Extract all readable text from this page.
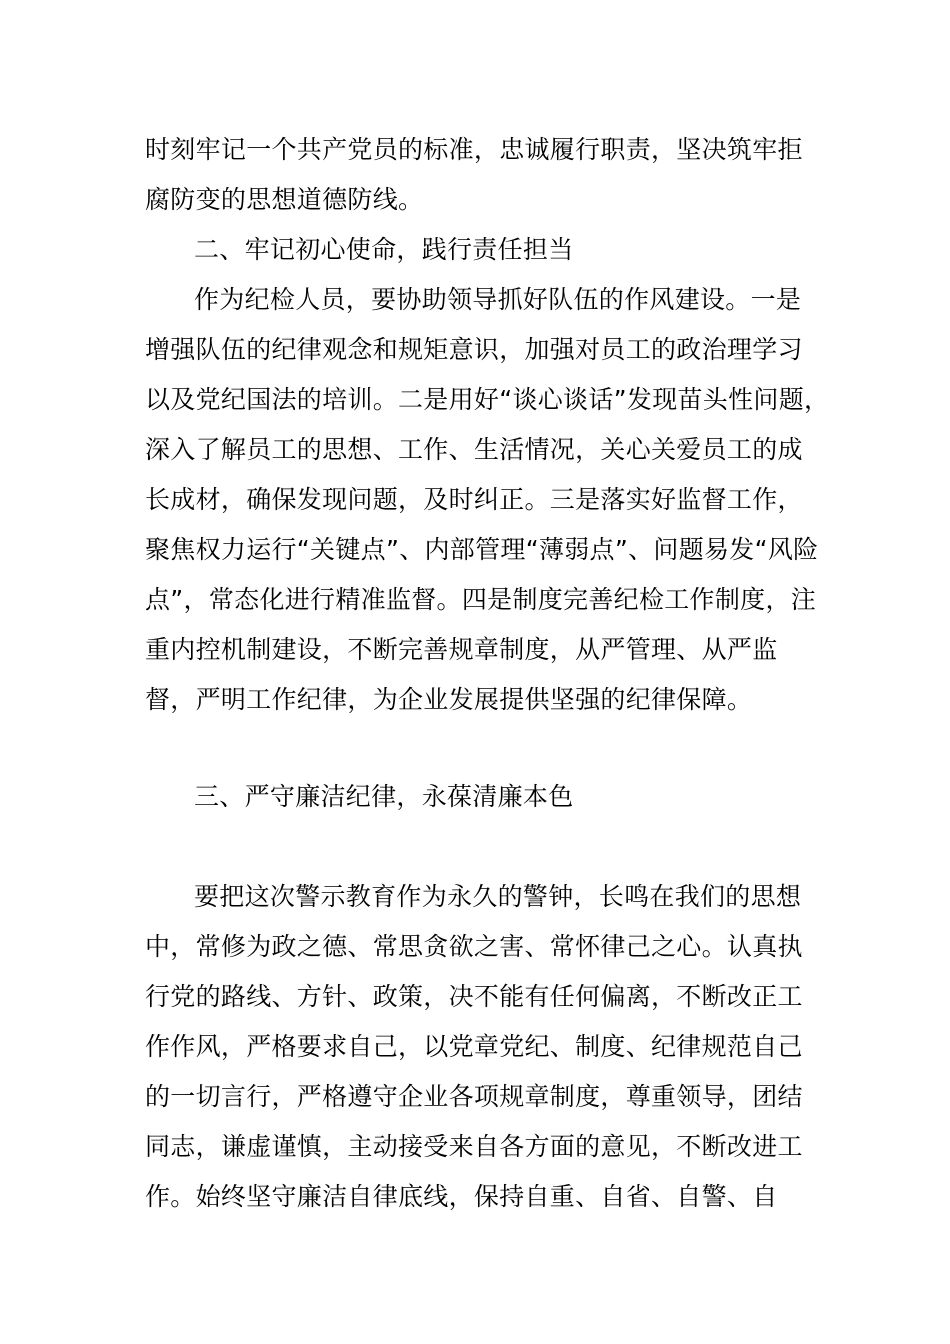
时刻牢记一个共产党员的标准，忠诚履行职责，坚决筑牢拒
腐防变的思想道德防线。
二、牢记初心使命，践行责任担当
作为纪检人员，要协助领导抓好队伍的作风建设。一是
增强队伍的纪律观念和规矩意识，加强对员工的政治理学习
以及党纪国法的培训。二是用好“谈心谈话”发现苗头性问题，
深入了解员工的思想、工作、生活情况，关心关爱员工的成
长成材，确保发现问题，及时纠正。三是落实好监督工作，
聚焦权力运行“关键点”、内部管理“薄弱点”、问题易发“风险
点”，常态化进行精准监督。四是制度完善纪检工作制度，注
重内控机制建设，不断完善规章制度，从严管理、从严监
督，严明工作纪律，为企业发展提供坚强的纪律保障。
三、严守廉洁纪律，永葆清廉本色
要把这次警示教育作为永久的警钟，长鸣在我们的思想
中，常修为政之德、常思贪欲之害、常怀律己之心。认真执
行党的路线、方针、政策，决不能有任何偏离，不断改正工
作作风，严格要求自己，以党章党纪、制度、纪律规范自己
的一切言行，严格遵守企业各项规章制度，尊重领导，团结
同志，谦虚谨慎，主动接受来自各方面的意见，不断改进工
作。始终坚守廉洁自律底线，保持自重、自省、自警、自
